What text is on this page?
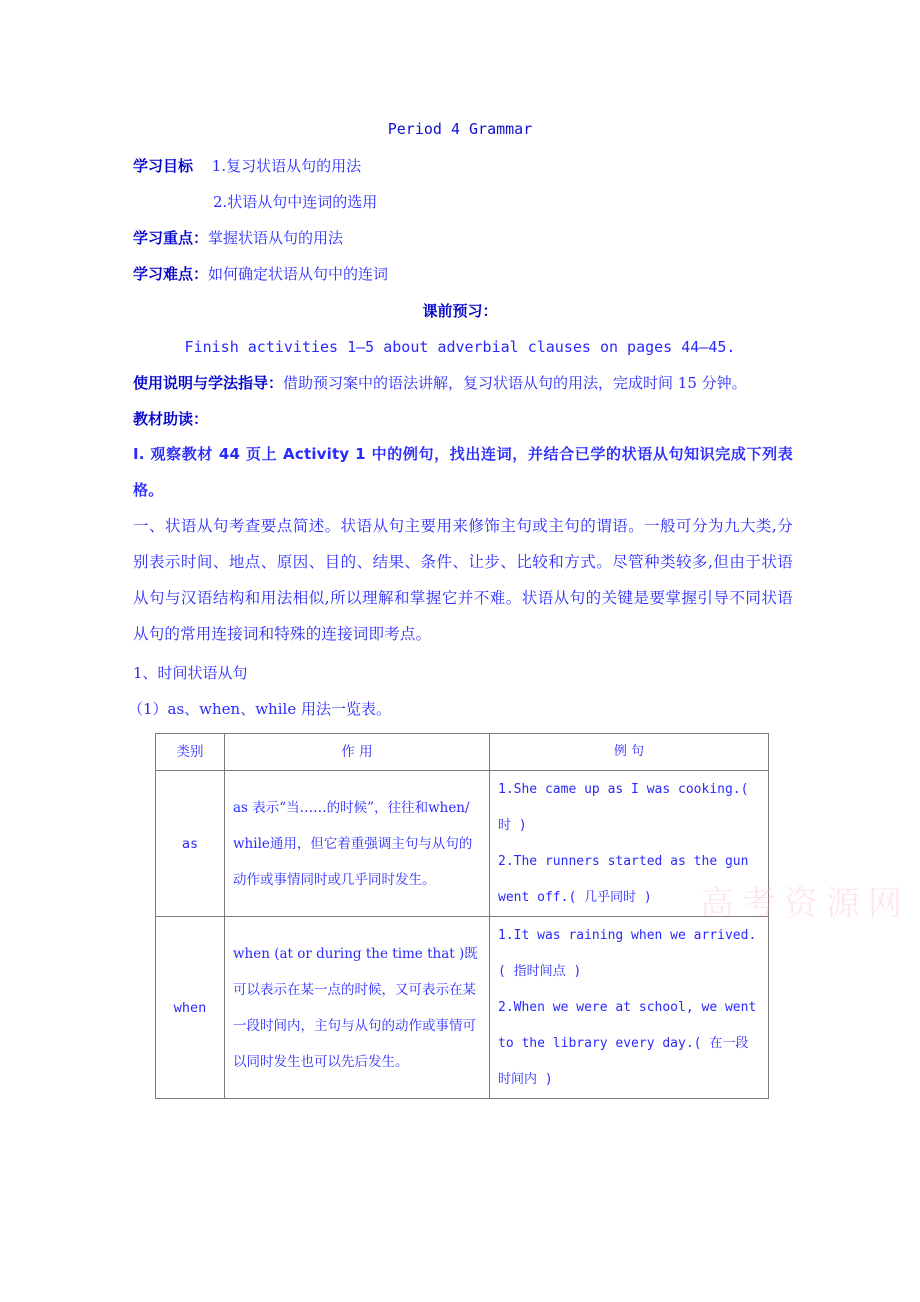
Period 4 Grammar
学习目标 1.复习状语从句的用法
2.状语从句中连词的选用
学习重点：掌握状语从句的用法
学习难点：如何确定状语从句中的连词
课前预习：
Finish activities 1—5 about adverbial clauses on pages 44—45.
使用说明与学法指导：借助预习案中的语法讲解，复习状语从句的用法，完成时间 15 分钟。
教材助读：
I. 观察教材 44 页上 Activity 1 中的例句，找出连词，并结合已学的状语从句知识完成下列表格。
一、状语从句考查要点简述。状语从句主要用来修饰主句或主句的谓语。一般可分为九大类,分别表示时间、地点、原因、目的、结果、条件、让步、比较和方式。尽管种类较多,但由于状语从句与汉语结构和用法相似,所以理解和掌握它并不难。状语从句的关键是要掌握引导不同状语从句的常用连接词和特殊的连接词即考点。
1、时间状语从句
（1）as、when、while 用法一览表。
类别	作 用	例 句
as	as 表示“当……的时候”，往往和when/while通用，但它着重强调主句与从句的动作或事情同时或几乎同时发生。	1.She came up as I was cooking.( 时 )
2.The runners started as the gun went off.( 几乎同时 )

when	when (at or during the time that )既可以表示在某一点的时候，又可表示在某一段时间内，主句与从句的动作或事情可以同时发生也可以先后发生。	1.It was raining when we arrived.( 指时间点 )
2.When we were at school, we went to the library every day.( 在一段时间内 )
高考资源网
